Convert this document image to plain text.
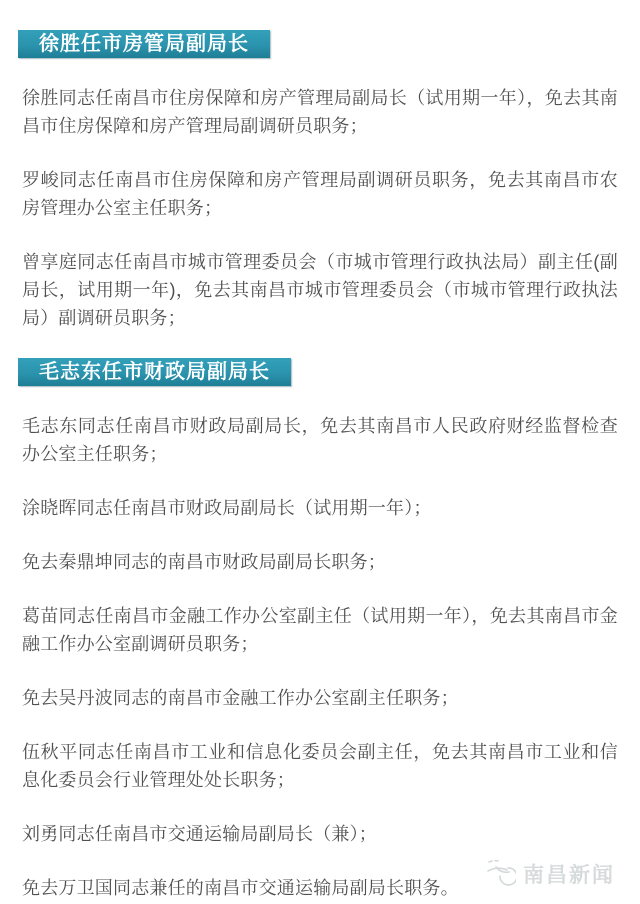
徐胜任市房管局副局长

徐胜同志任南昌市住房保障和房产管理局副局长（试用期一年），免去其南昌市住房保障和房产管理局副调研员职务；

罗峻同志任南昌市住房保障和房产管理局副调研员职务，免去其南昌市农房管理办公室主任职务；

曾享庭同志任南昌市城市管理委员会（市城市管理行政执法局）副主任(副局长，试用期一年)，免去其南昌市城市管理委员会（市城市管理行政执法局）副调研员职务；

毛志东任市财政局副局长

毛志东同志任南昌市财政局副局长，免去其南昌市人民政府财经监督检查办公室主任职务；

涂晓晖同志任南昌市财政局副局长（试用期一年）；

免去秦鼎坤同志的南昌市财政局副局长职务；

葛苗同志任南昌市金融工作办公室副主任（试用期一年），免去其南昌市金融工作办公室副调研员职务；

免去吴丹波同志的南昌市金融工作办公室副主任职务；

伍秋平同志任南昌市工业和信息化委员会副主任，免去其南昌市工业和信息化委员会行业管理处处长职务；

刘勇同志任南昌市交通运输局副局长（兼）；

免去万卫国同志兼任的南昌市交通运输局副局长职务。

南昌新闻
